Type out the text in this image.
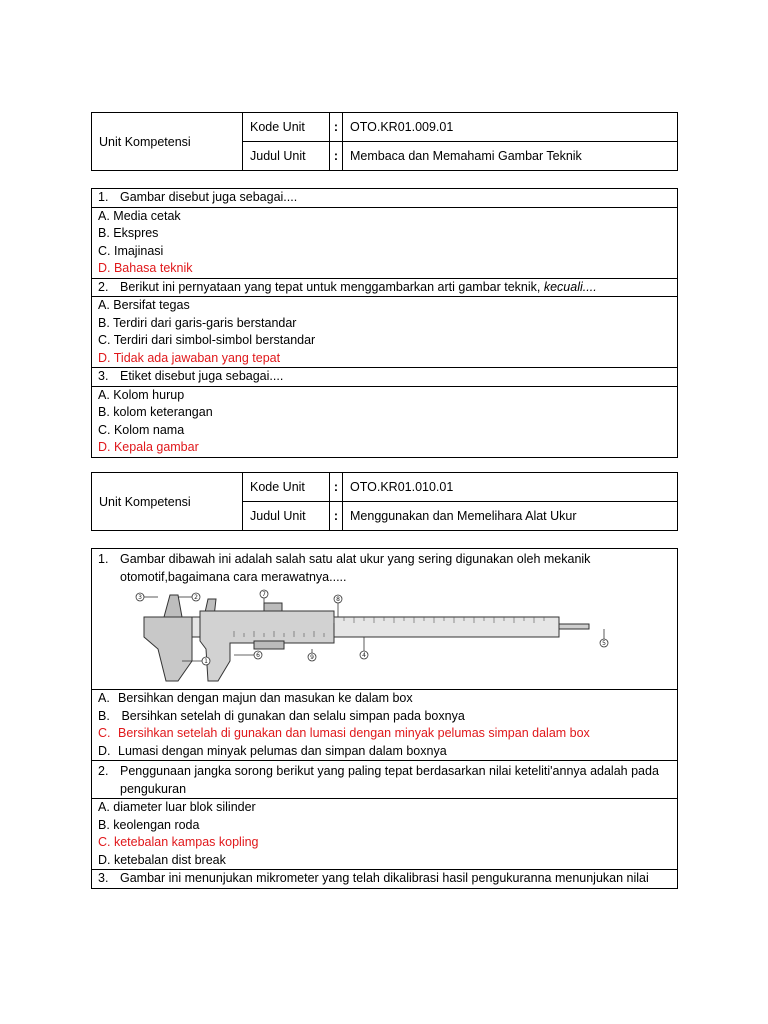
Unit Kompetensi	Kode Unit	:	OTO.KR01.009.01
	Judul Unit	:	Membaca dan Memahami Gambar Teknik
1. Gambar disebut juga sebagai....
A. Media cetak
B. Ekspres
C. Imajinasi
D. Bahasa teknik
2. Berikut ini pernyataan yang tepat untuk menggambarkan arti gambar teknik, kecuali....
A. Bersifat tegas
B. Terdiri dari garis-garis berstandar
C. Terdiri dari simbol-simbol berstandar
D. Tidak ada jawaban yang tepat
3. Etiket disebut juga sebagai....
A. Kolom hurup
B. kolom keterangan
C. Kolom nama
D. Kepala gambar
Unit Kompetensi	Kode Unit	:	OTO.KR01.010.01
	Judul Unit	:	Menggunakan dan Memelihara Alat Ukur
1. Gambar dibawah ini adalah salah satu alat ukur yang sering digunakan oleh mekanik
otomotif,bagaimana cara merawatnya.....
2	7
8
5
1
6	9	4
3
A. Bersihkan dengan majun dan masukan ke dalam box
B. Bersihkan setelah di gunakan dan selalu simpan pada boxnya
C. Bersihkan setelah di gunakan dan lumasi dengan minyak pelumas simpan dalam box
D. Lumasi dengan minyak pelumas dan simpan dalam boxnya
2. Penggunaan jangka sorong berikut yang paling tepat berdasarkan nilai keteliti'annya adalah pada
pengukuran
A. diameter luar blok silinder
B. keolengan roda
C. ketebalan kampas kopling
D. ketebalan dist break
3. Gambar ini menunjukan mikrometer yang telah dikalibrasi hasil pengukuranna menunjukan nilai
